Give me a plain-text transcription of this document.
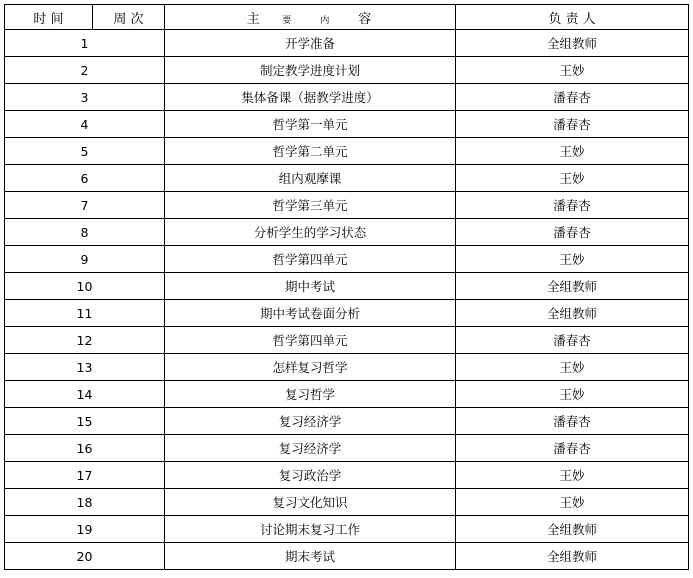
时 间	周 次	主 要 内 容	负 责 人
1		开学准备	全组教师
2		制定教学进度计划	王妙
3		集体备课（据教学进度）	潘春杏
4		哲学第一单元	潘春杏
5		哲学第二单元	王妙
6		组内观摩课	王妙
7		哲学第三单元	潘春杏
8		分析学生的学习状态	潘春杏
9		哲学第四单元	王妙
10		期中考试	全组教师
11		期中考试卷面分析	全组教师
12		哲学第四单元	潘春杏
13		怎样复习哲学	王妙
14		复习哲学	王妙
15		复习经济学	潘春杏
16		复习经济学	潘春杏
17		复习政治学	王妙
18		复习文化知识	王妙
19		讨论期末复习工作	全组教师
20		期末考试	全组教师
